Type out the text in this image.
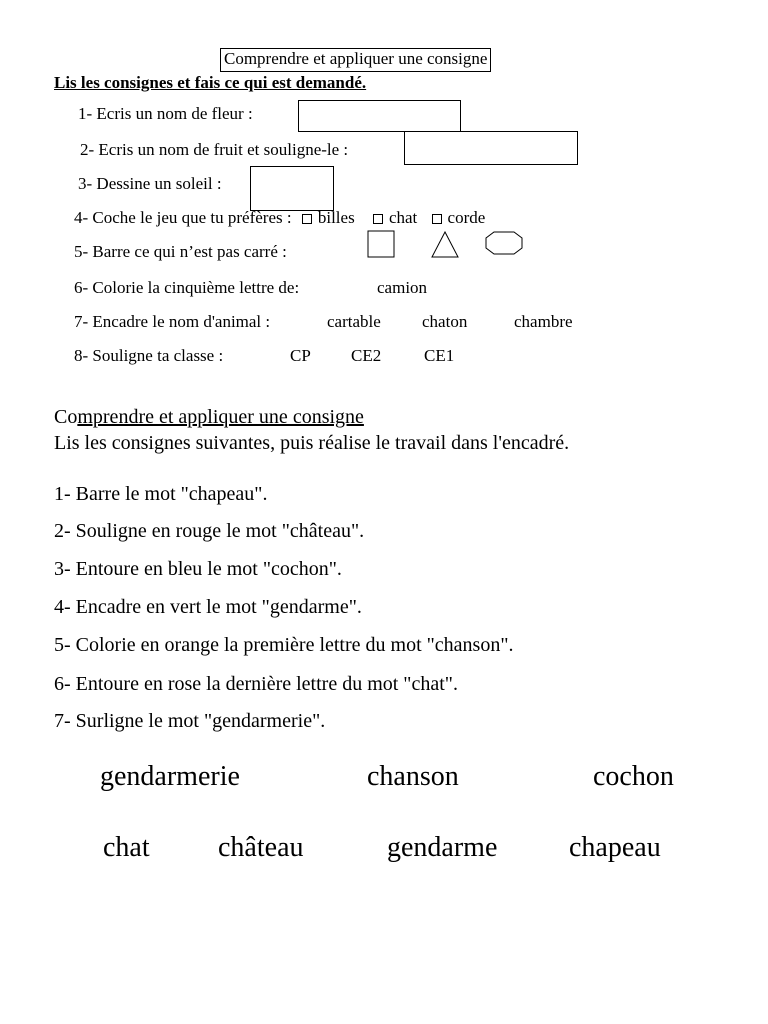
Comprendre et appliquer une consigne
Lis les consignes et fais ce qui est demandé.
1- Ecris un nom de fleur :
2- Ecris un nom de fruit et souligne-le :
3- Dessine un soleil :
4- Coche le jeu que tu préfères : billes chat corde
5- Barre ce qui n’est pas carré :
6- Colorie la cinquième lettre de:	camion
7- Encadre le nom d'animal :	cartable chaton	chambre
8- Souligne ta classe :	CP CE2	CE1
Comprendre et appliquer une consigne
Lis les consignes suivantes, puis réalise le travail dans l'encadré.
1- Barre le mot "chapeau".
2- Souligne en rouge le mot "château".
3- Entoure en bleu le mot "cochon".
4- Encadre en vert le mot "gendarme".
5- Colorie en orange la première lettre du mot "chanson".
6- Entoure en rose la dernière lettre du mot "chat".
7- Surligne le mot "gendarmerie".
gendarmerie	chanson	cochon
chat château	gendarme	chapeau
